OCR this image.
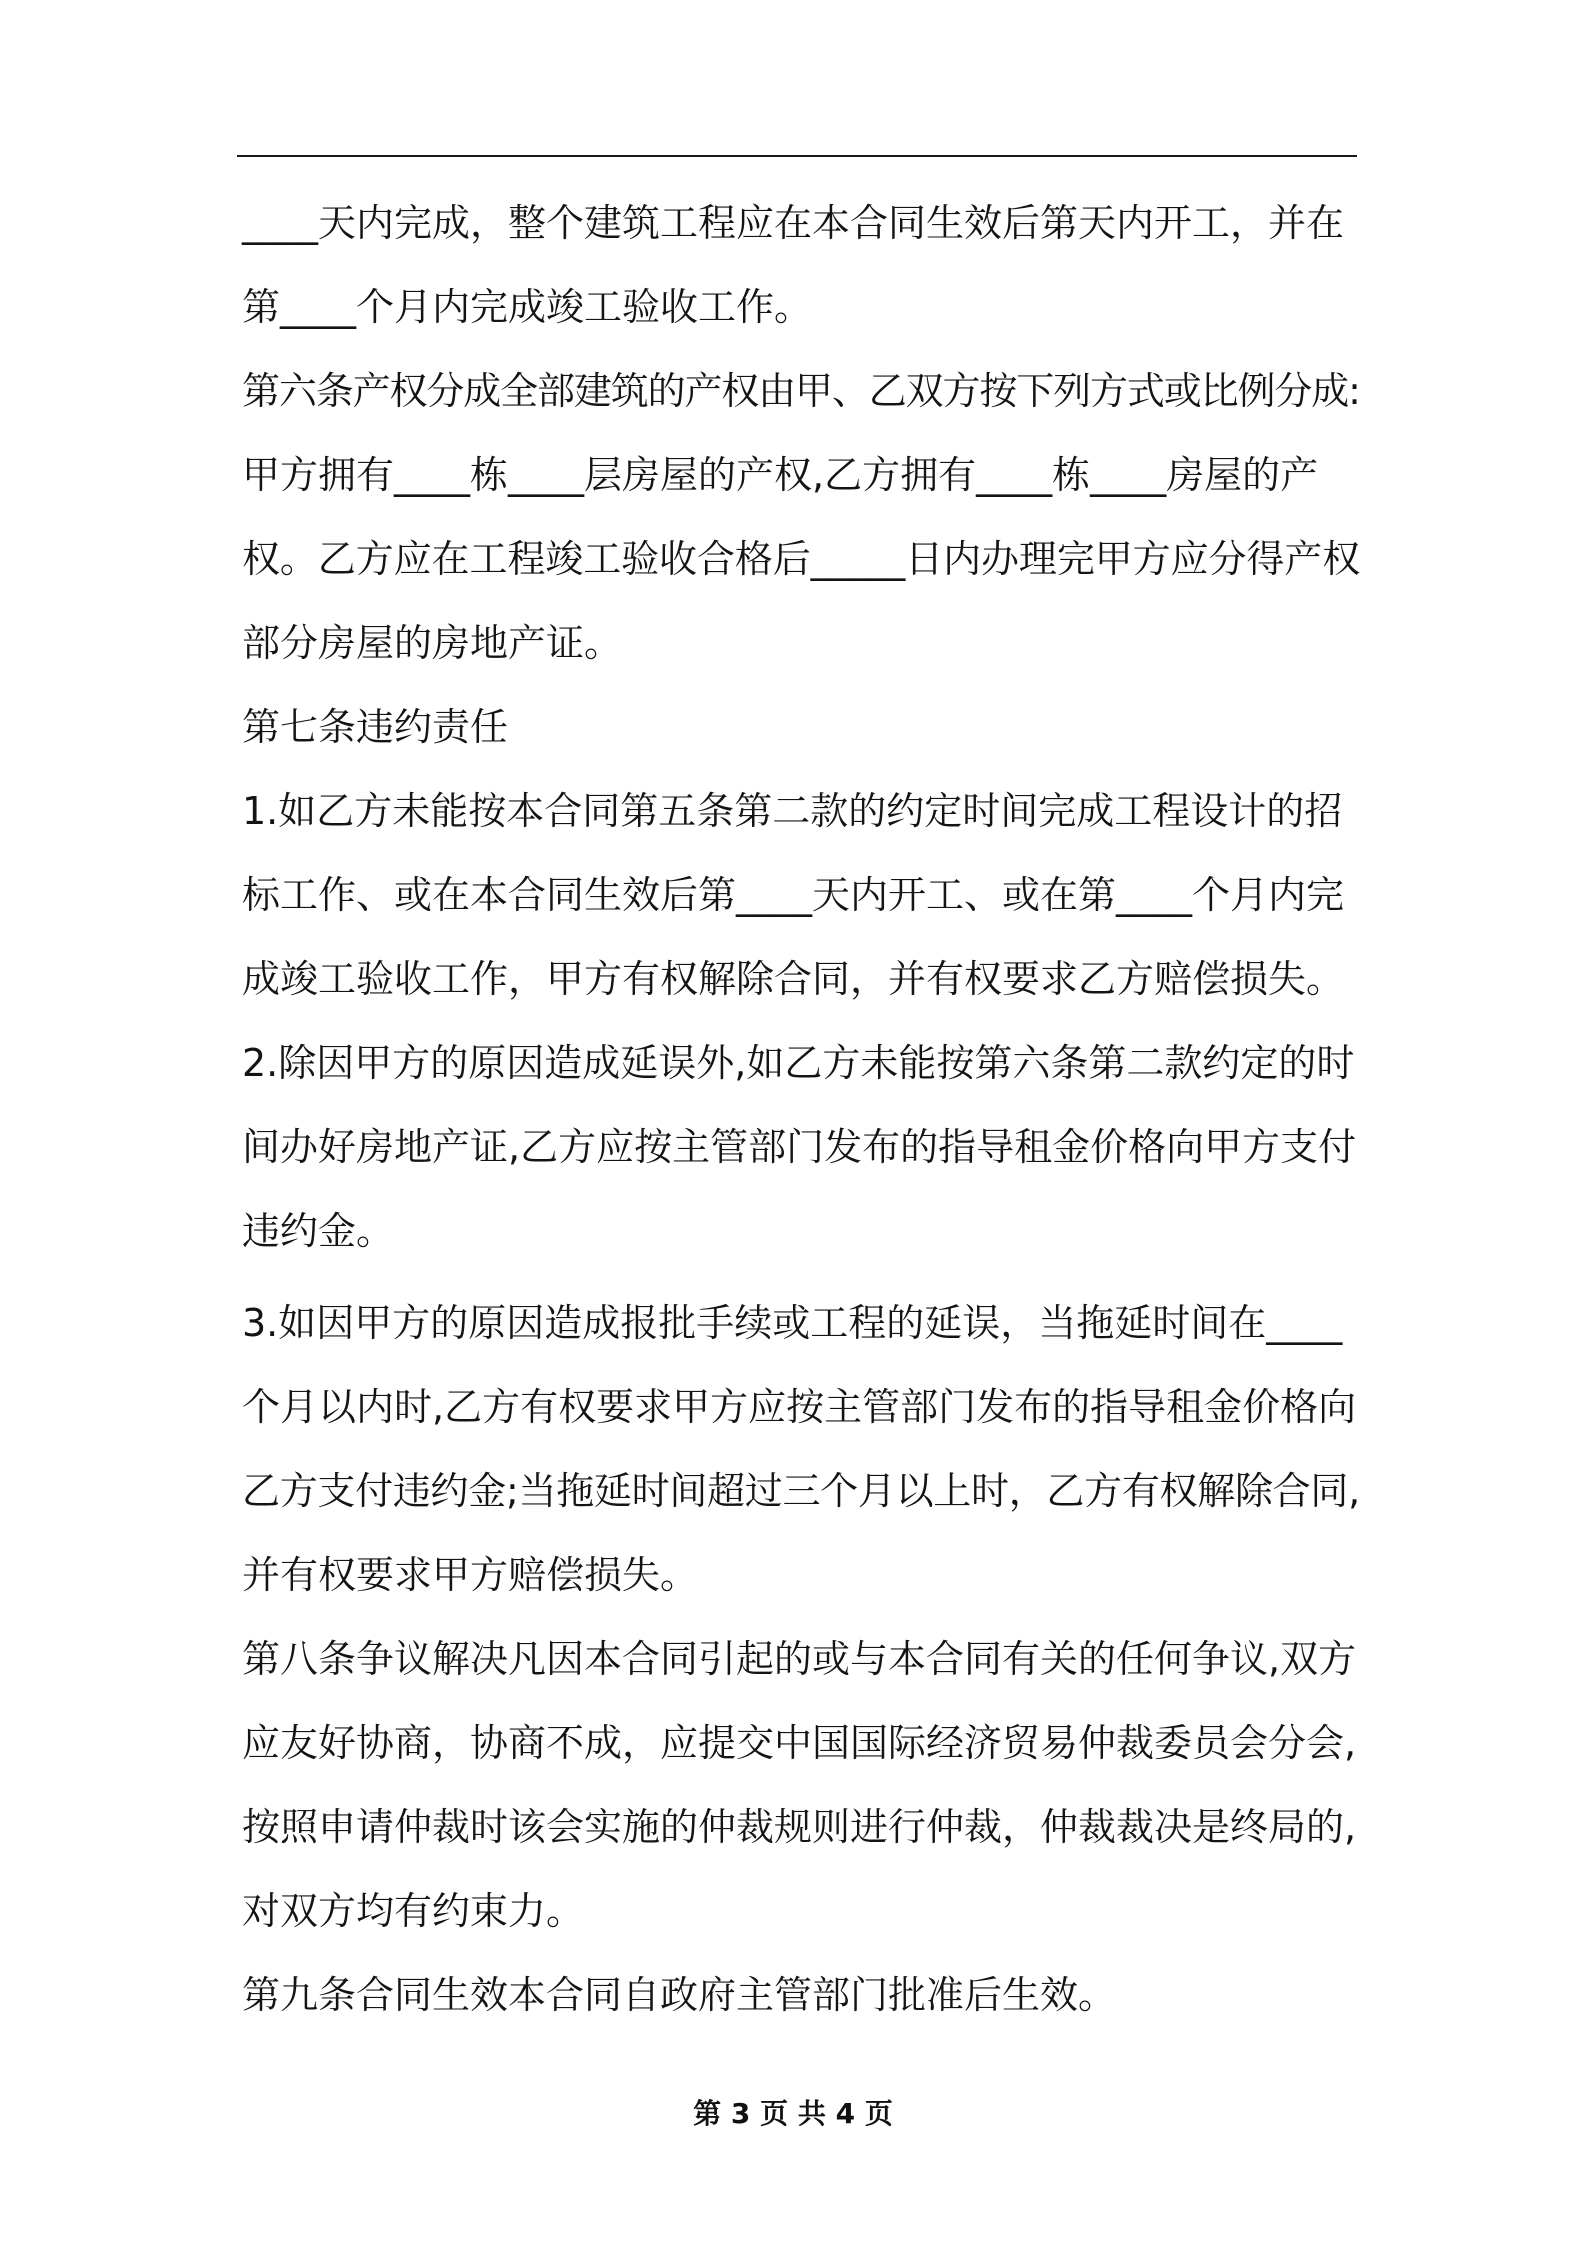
____天内完成，整个建筑工程应在本合同生效后第天内开工，并在
第____个月内完成竣工验收工作。
第六条产权分成全部建筑的产权由甲、乙双方按下列方式或比例分成:
甲方拥有____栋____层房屋的产权,乙方拥有____栋____房屋的产
权。乙方应在工程竣工验收合格后_____日内办理完甲方应分得产权
部分房屋的房地产证。
第七条违约责任
1.如乙方未能按本合同第五条第二款的约定时间完成工程设计的招
标工作、或在本合同生效后第____天内开工、或在第____个月内完
成竣工验收工作，甲方有权解除合同，并有权要求乙方赔偿损失。
2.除因甲方的原因造成延误外,如乙方未能按第六条第二款约定的时
间办好房地产证,乙方应按主管部门发布的指导租金价格向甲方支付
违约金。
3.如因甲方的原因造成报批手续或工程的延误，当拖延时间在____
个月以内时,乙方有权要求甲方应按主管部门发布的指导租金价格向
乙方支付违约金;当拖延时间超过三个月以上时，乙方有权解除合同,
并有权要求甲方赔偿损失。
第八条争议解决凡因本合同引起的或与本合同有关的任何争议,双方
应友好协商，协商不成，应提交中国国际经济贸易仲裁委员会分会,
按照申请仲裁时该会实施的仲裁规则进行仲裁，仲裁裁决是终局的,
对双方均有约束力。
第九条合同生效本合同自政府主管部门批准后生效。
第 3 页 共 4 页
